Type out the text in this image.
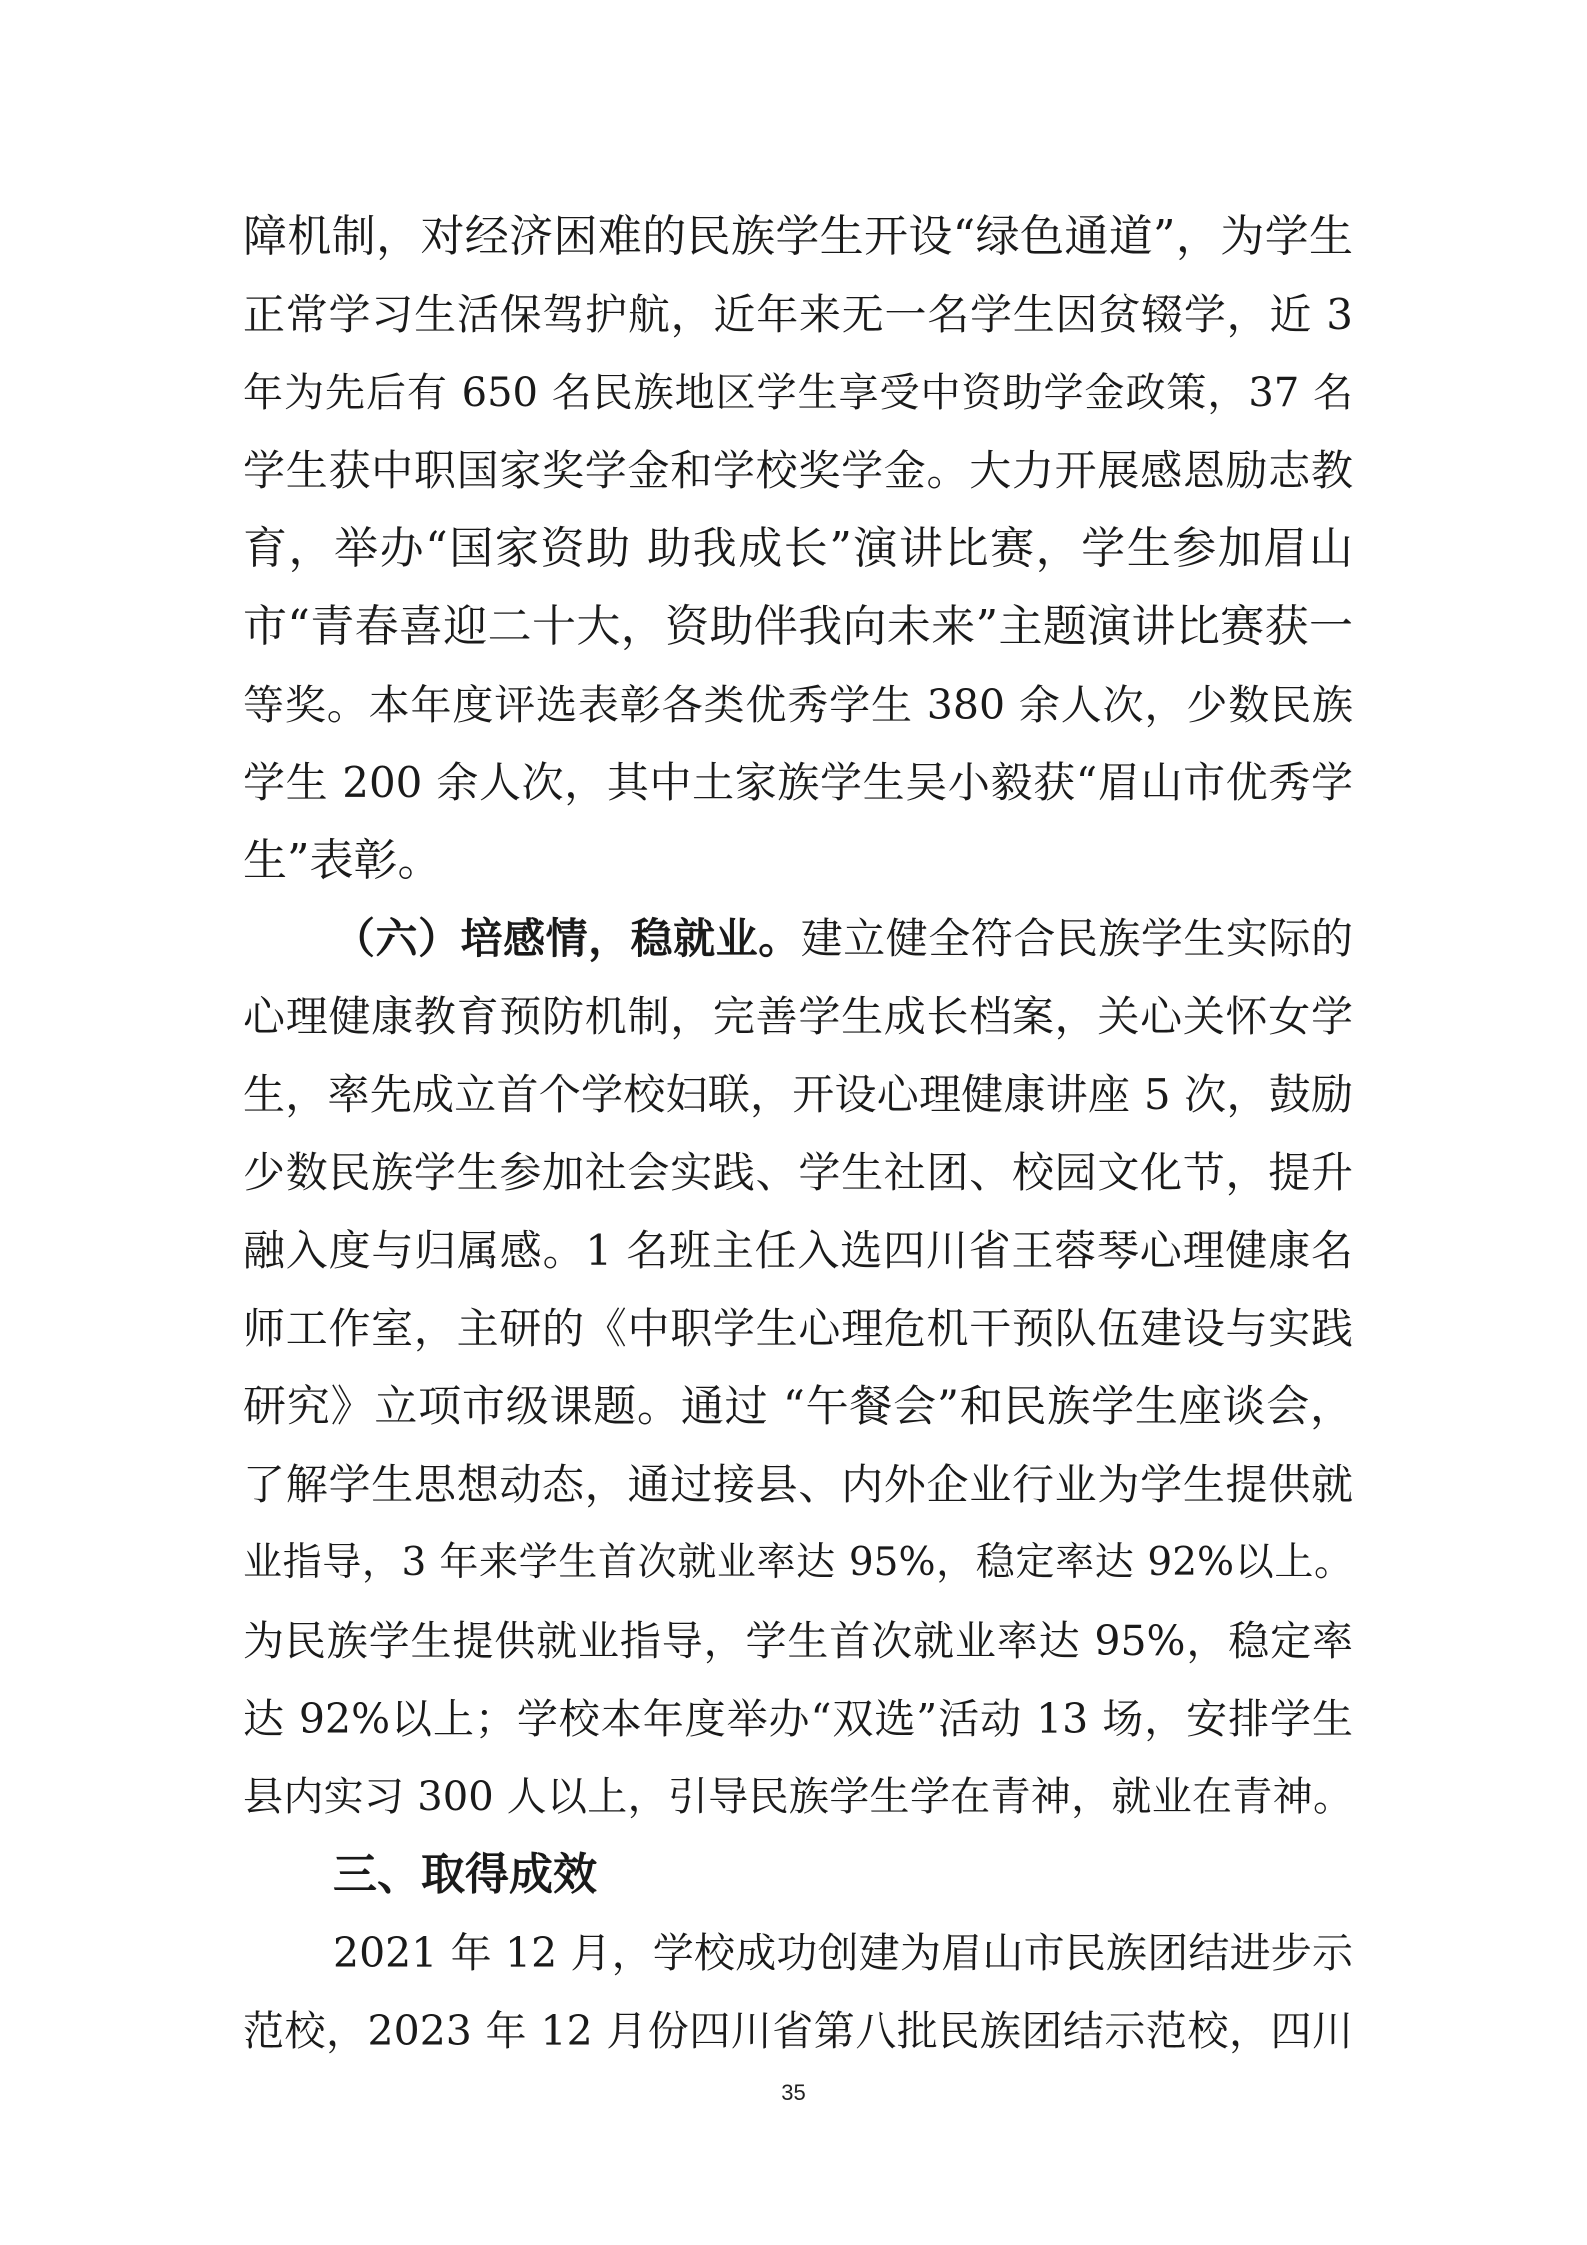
障机制，对经济困难的民族学生开设“绿色通道”，为学生
正常学习生活保驾护航，近年来无一名学生因贫辍学，近 3
年为先后有 650 名民族地区学生享受中资助学金政策，37 名
学生获中职国家奖学金和学校奖学金。大力开展感恩励志教
育，举办“国家资助 助我成长”演讲比赛，学生参加眉山
市“青春喜迎二十大，资助伴我向未来”主题演讲比赛获一
等奖。本年度评选表彰各类优秀学生 380 余人次，少数民族
学生 200 余人次，其中土家族学生吴小毅获“眉山市优秀学
生”表彰。
（六）培感情，稳就业。建立健全符合民族学生实际的
心理健康教育预防机制，完善学生成长档案，关心关怀女学
生，率先成立首个学校妇联，开设心理健康讲座 5 次，鼓励
少数民族学生参加社会实践、学生社团、校园文化节，提升
融入度与归属感。1 名班主任入选四川省王蓉琴心理健康名
师工作室，主研的《中职学生心理危机干预队伍建设与实践
研究》立项市级课题。通过 “午餐会”和民族学生座谈会，
了解学生思想动态，通过接县、内外企业行业为学生提供就
业指导，3 年来学生首次就业率达 95%，稳定率达 92%以上。
为民族学生提供就业指导，学生首次就业率达 95%，稳定率
达 92%以上；学校本年度举办“双选”活动 13 场，安排学生
县内实习 300 人以上，引导民族学生学在青神，就业在青神。
三、取得成效
2021 年 12 月，学校成功创建为眉山市民族团结进步示
范校，2023 年 12 月份四川省第八批民族团结示范校，四川
35
